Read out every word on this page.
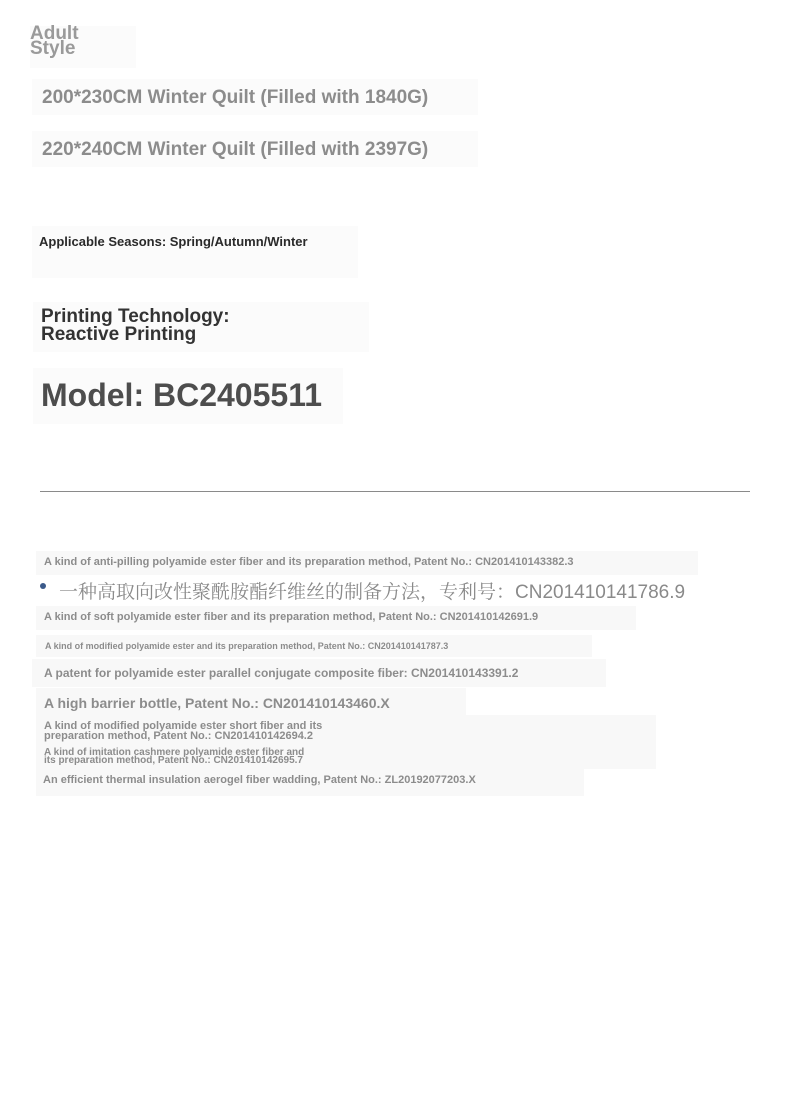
Adult
Style
200*230CM Winter Quilt (Filled with 1840G)
220*240CM Winter Quilt (Filled with 2397G)
Applicable Seasons: Spring/Autumn/Winter
Printing Technology:
Reactive Printing
Model: BC2405511
A kind of anti-pilling polyamide ester fiber and its preparation method, Patent No.: CN201410143382.3
一种高取向改性聚酰胺酯纤维丝的制备方法，专利号：CN201410141786.9
A kind of soft polyamide ester fiber and its preparation method, Patent No.: CN201410142691.9
A kind of modified polyamide ester and its preparation method, Patent No.: CN201410141787.3
A patent for polyamide ester parallel conjugate composite fiber: CN201410143391.2
A high barrier bottle, Patent No.: CN201410143460.X
A kind of modified polyamide ester short fiber and its
preparation method, Patent No.: CN201410142694.2
A kind of imitation cashmere polyamide ester fiber and
its preparation method, Patent No.: CN201410142695.7
An efficient thermal insulation aerogel fiber wadding, Patent No.: ZL20192077203.X
